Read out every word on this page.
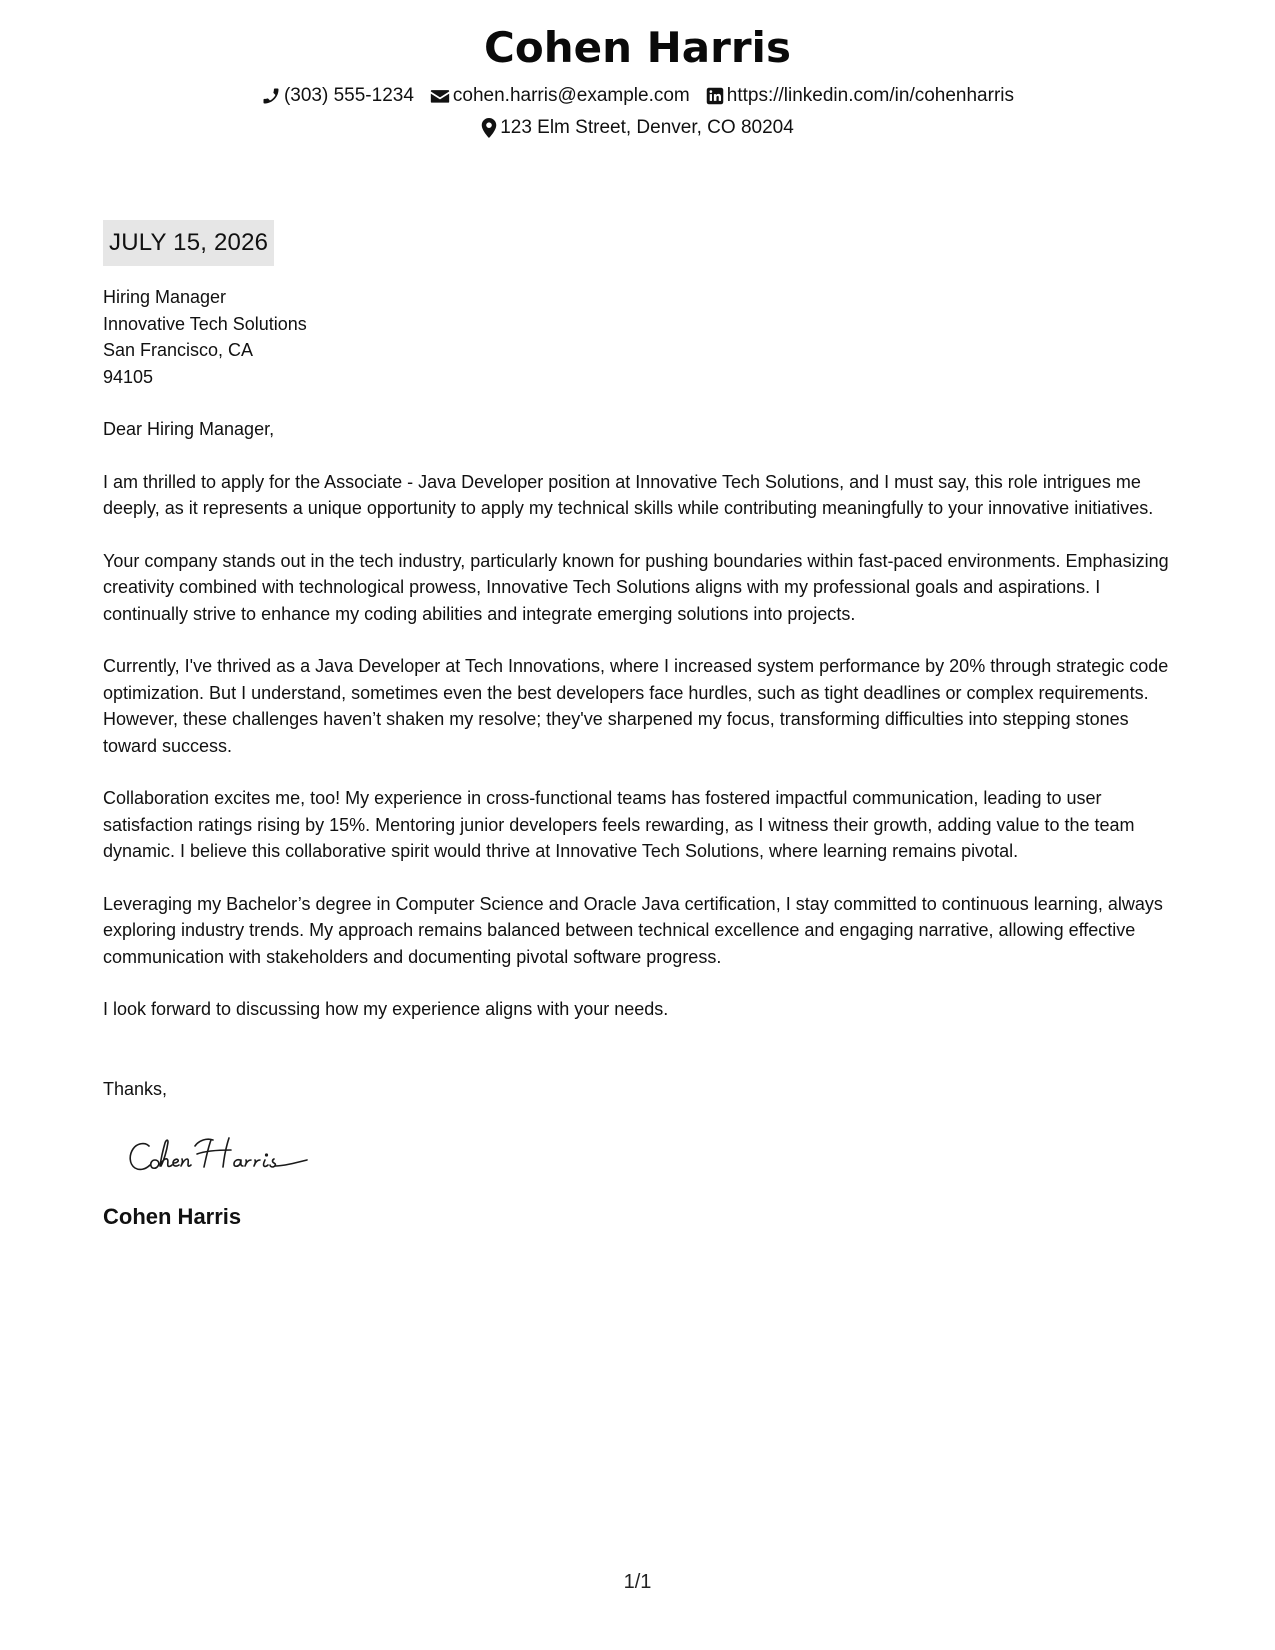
Cohen Harris
(303) 555-1234 cohen.harris@example.com https://linkedin.com/in/cohenharris
123 Elm Street, Denver, CO 80204
JULY 15, 2026
Hiring Manager
Innovative Tech Solutions
San Francisco, CA
94105
Dear Hiring Manager,
I am thrilled to apply for the Associate - Java Developer position at Innovative Tech Solutions, and I must say, this role intrigues me deeply, as it represents a unique opportunity to apply my technical skills while contributing meaningfully to your innovative initiatives.
Your company stands out in the tech industry, particularly known for pushing boundaries within fast-paced environments. Emphasizing creativity combined with technological prowess, Innovative Tech Solutions aligns with my professional goals and aspirations. I continually strive to enhance my coding abilities and integrate emerging solutions into projects.
Currently, I've thrived as a Java Developer at Tech Innovations, where I increased system performance by 20% through strategic code optimization. But I understand, sometimes even the best developers face hurdles, such as tight deadlines or complex requirements. However, these challenges haven’t shaken my resolve; they've sharpened my focus, transforming difficulties into stepping stones toward success.
Collaboration excites me, too! My experience in cross-functional teams has fostered impactful communication, leading to user satisfaction ratings rising by 15%. Mentoring junior developers feels rewarding, as I witness their growth, adding value to the team dynamic. I believe this collaborative spirit would thrive at Innovative Tech Solutions, where learning remains pivotal.
Leveraging my Bachelor’s degree in Computer Science and Oracle Java certification, I stay committed to continuous learning, always exploring industry trends. My approach remains balanced between technical excellence and engaging narrative, allowing effective communication with stakeholders and documenting pivotal software progress.
I look forward to discussing how my experience aligns with your needs.
Thanks,
Cohen Harris
1/1
